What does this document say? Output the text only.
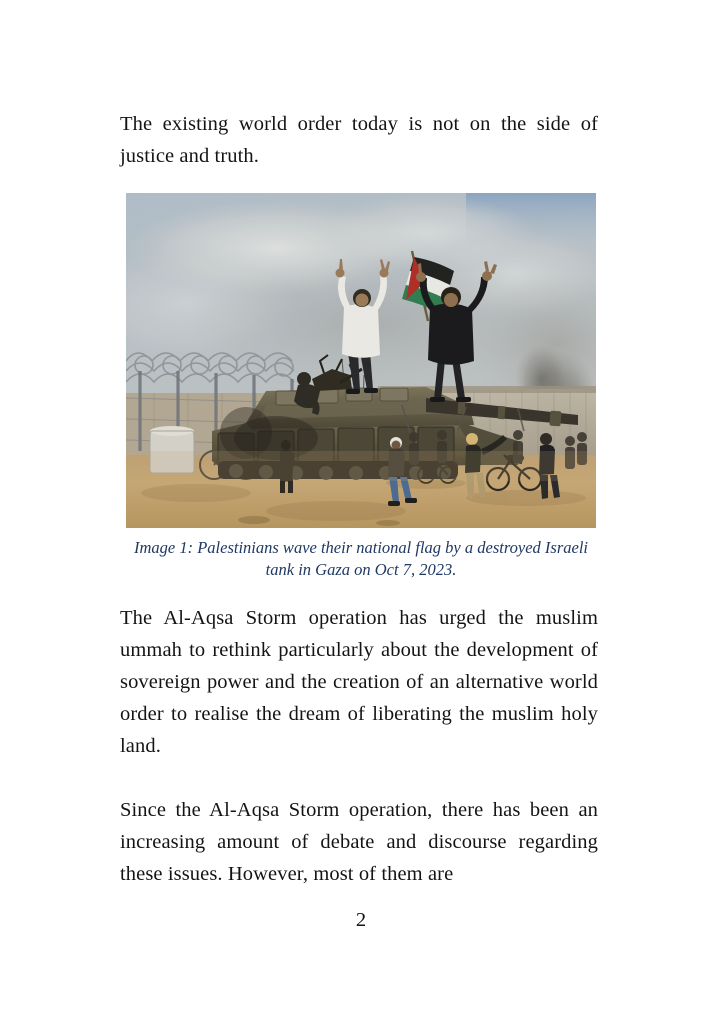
The existing world order today is not on the side of justice and truth.

Image 1: Palestinians wave their national flag by a destroyed Israeli tank in Gaza on Oct 7, 2023.

The Al-Aqsa Storm operation has urged the muslim ummah to rethink particularly about the development of sovereign power and the creation of an alternative world order to realise the dream of liberating the muslim holy land.

Since the Al-Aqsa Storm operation, there has been an increasing amount of debate and discourse regarding these issues. However, most of them are

2
